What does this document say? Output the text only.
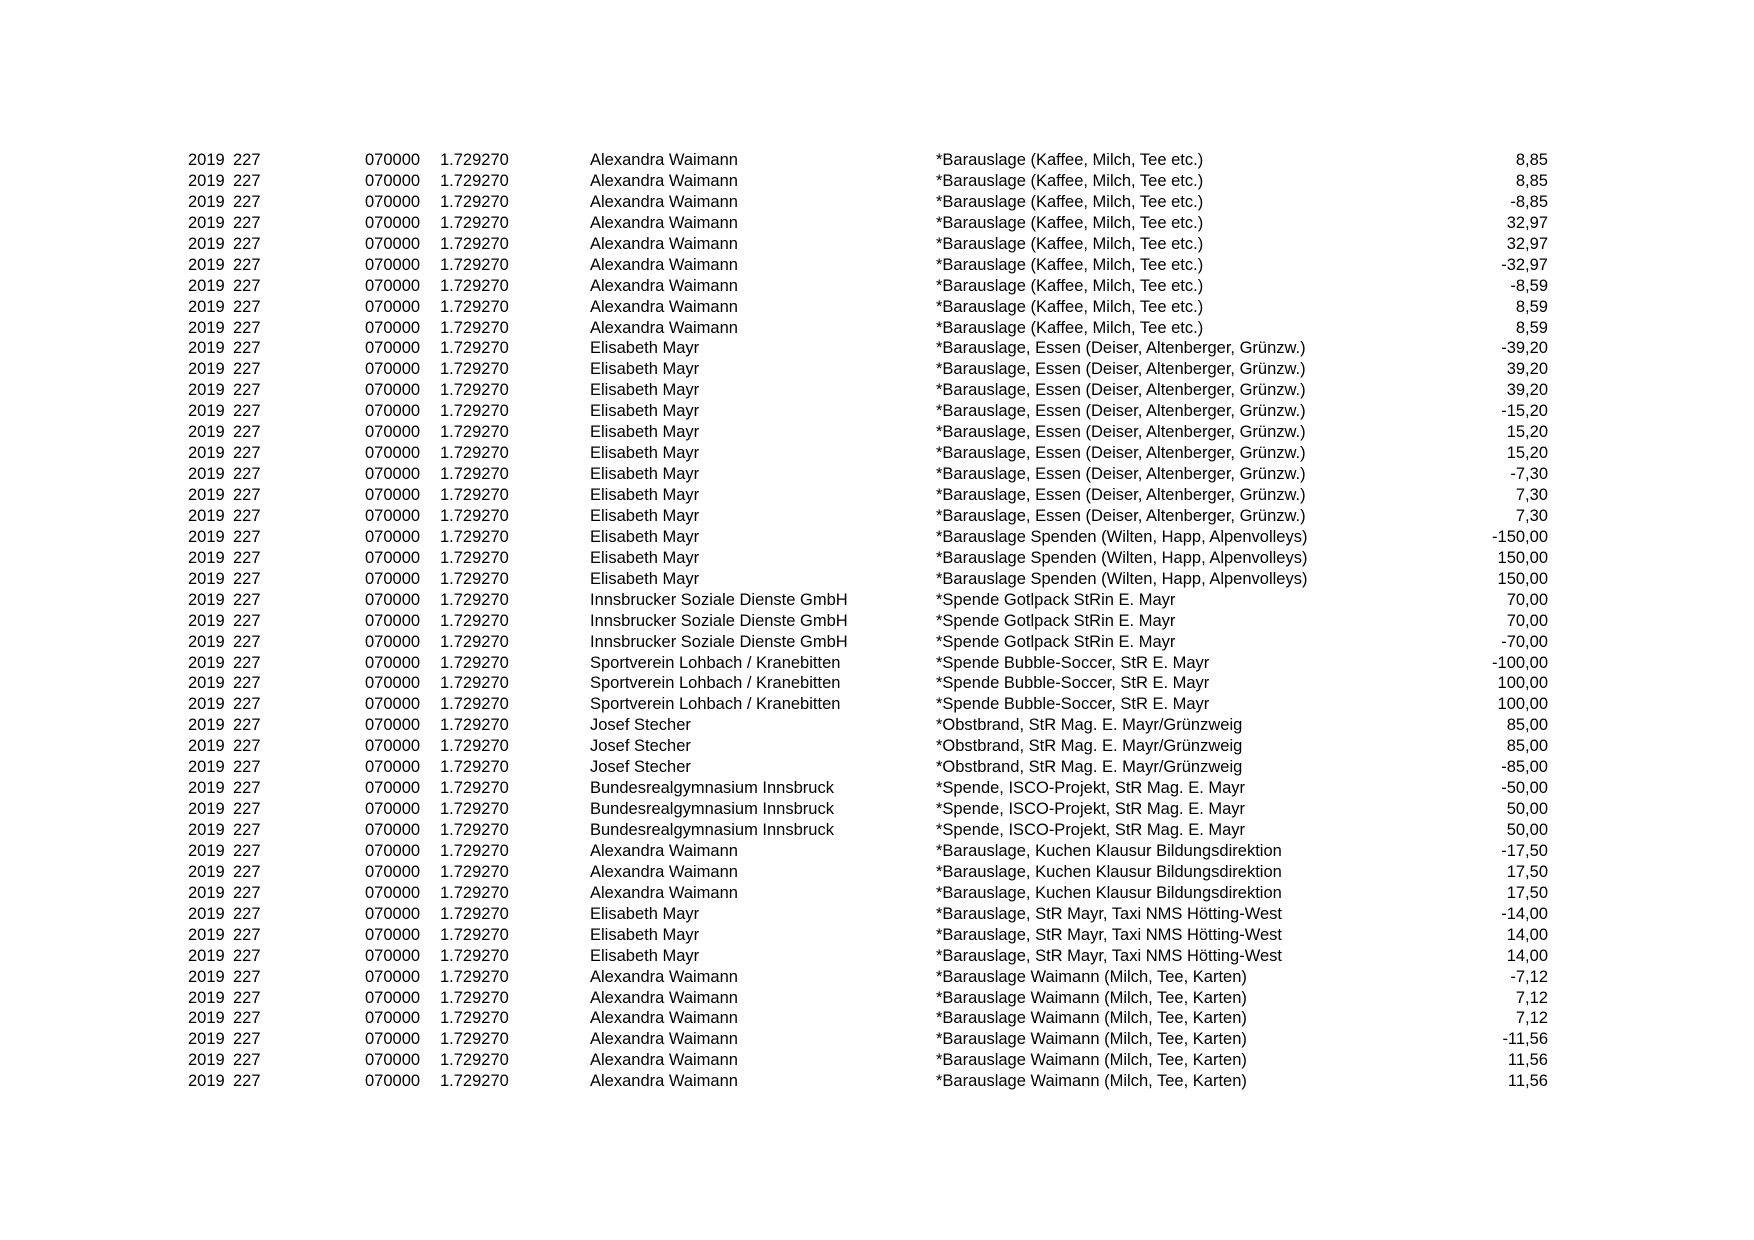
2019 227	070000 1.729270	Alexandra Waimann	*Barauslage (Kaffee, Milch, Tee etc.)	8,85
2019 227	070000 1.729270	Alexandra Waimann	*Barauslage (Kaffee, Milch, Tee etc.)	8,85
2019 227	070000 1.729270	Alexandra Waimann	*Barauslage (Kaffee, Milch, Tee etc.)	-8,85
2019 227	070000 1.729270	Alexandra Waimann	*Barauslage (Kaffee, Milch, Tee etc.)	32,97
2019 227	070000 1.729270	Alexandra Waimann	*Barauslage (Kaffee, Milch, Tee etc.)	32,97
2019 227	070000 1.729270	Alexandra Waimann	*Barauslage (Kaffee, Milch, Tee etc.)	-32,97
2019 227	070000 1.729270	Alexandra Waimann	*Barauslage (Kaffee, Milch, Tee etc.)	-8,59
2019 227	070000 1.729270	Alexandra Waimann	*Barauslage (Kaffee, Milch, Tee etc.)	8,59
2019 227	070000 1.729270	Alexandra Waimann	*Barauslage (Kaffee, Milch, Tee etc.)	8,59
2019 227	070000 1.729270	Elisabeth Mayr	*Barauslage, Essen (Deiser, Altenberger, Grünzw.)	-39,20
2019 227	070000 1.729270	Elisabeth Mayr	*Barauslage, Essen (Deiser, Altenberger, Grünzw.)	39,20
2019 227	070000 1.729270	Elisabeth Mayr	*Barauslage, Essen (Deiser, Altenberger, Grünzw.)	39,20
2019 227	070000 1.729270	Elisabeth Mayr	*Barauslage, Essen (Deiser, Altenberger, Grünzw.)	-15,20
2019 227	070000 1.729270	Elisabeth Mayr	*Barauslage, Essen (Deiser, Altenberger, Grünzw.)	15,20
2019 227	070000 1.729270	Elisabeth Mayr	*Barauslage, Essen (Deiser, Altenberger, Grünzw.)	15,20
2019 227	070000 1.729270	Elisabeth Mayr	*Barauslage, Essen (Deiser, Altenberger, Grünzw.)	-7,30
2019 227	070000 1.729270	Elisabeth Mayr	*Barauslage, Essen (Deiser, Altenberger, Grünzw.)	7,30
2019 227	070000 1.729270	Elisabeth Mayr	*Barauslage, Essen (Deiser, Altenberger, Grünzw.)	7,30
2019 227	070000 1.729270	Elisabeth Mayr	*Barauslage Spenden (Wilten, Happ, Alpenvolleys)	-150,00
2019 227	070000 1.729270	Elisabeth Mayr	*Barauslage Spenden (Wilten, Happ, Alpenvolleys)	150,00
2019 227	070000 1.729270	Elisabeth Mayr	*Barauslage Spenden (Wilten, Happ, Alpenvolleys)	150,00
2019 227	070000 1.729270	Innsbrucker Soziale Dienste GmbH	*Spende Gotlpack StRin E. Mayr	70,00
2019 227	070000 1.729270	Innsbrucker Soziale Dienste GmbH	*Spende Gotlpack StRin E. Mayr	70,00
2019 227	070000 1.729270	Innsbrucker Soziale Dienste GmbH	*Spende Gotlpack StRin E. Mayr	-70,00
2019 227	070000 1.729270	Sportverein Lohbach / Kranebitten	*Spende Bubble-Soccer, StR E. Mayr	-100,00
2019 227	070000 1.729270	Sportverein Lohbach / Kranebitten	*Spende Bubble-Soccer, StR E. Mayr	100,00
2019 227	070000 1.729270	Sportverein Lohbach / Kranebitten	*Spende Bubble-Soccer, StR E. Mayr	100,00
2019 227	070000 1.729270	Josef Stecher	*Obstbrand, StR Mag. E. Mayr/Grünzweig	85,00
2019 227	070000 1.729270	Josef Stecher	*Obstbrand, StR Mag. E. Mayr/Grünzweig	85,00
2019 227	070000 1.729270	Josef Stecher	*Obstbrand, StR Mag. E. Mayr/Grünzweig	-85,00
2019 227	070000 1.729270	Bundesrealgymnasium Innsbruck	*Spende, ISCO-Projekt, StR Mag. E. Mayr	-50,00
2019 227	070000 1.729270	Bundesrealgymnasium Innsbruck	*Spende, ISCO-Projekt, StR Mag. E. Mayr	50,00
2019 227	070000 1.729270	Bundesrealgymnasium Innsbruck	*Spende, ISCO-Projekt, StR Mag. E. Mayr	50,00
2019 227	070000 1.729270	Alexandra Waimann	*Barauslage, Kuchen Klausur Bildungsdirektion	-17,50
2019 227	070000 1.729270	Alexandra Waimann	*Barauslage, Kuchen Klausur Bildungsdirektion	17,50
2019 227	070000 1.729270	Alexandra Waimann	*Barauslage, Kuchen Klausur Bildungsdirektion	17,50
2019 227	070000 1.729270	Elisabeth Mayr	*Barauslage, StR Mayr, Taxi NMS Hötting-West	-14,00
2019 227	070000 1.729270	Elisabeth Mayr	*Barauslage, StR Mayr, Taxi NMS Hötting-West	14,00
2019 227	070000 1.729270	Elisabeth Mayr	*Barauslage, StR Mayr, Taxi NMS Hötting-West	14,00
2019 227	070000 1.729270	Alexandra Waimann	*Barauslage Waimann (Milch, Tee, Karten)	-7,12
2019 227	070000 1.729270	Alexandra Waimann	*Barauslage Waimann (Milch, Tee, Karten)	7,12
2019 227	070000 1.729270	Alexandra Waimann	*Barauslage Waimann (Milch, Tee, Karten)	7,12
2019 227	070000 1.729270	Alexandra Waimann	*Barauslage Waimann (Milch, Tee, Karten)	-11,56
2019 227	070000 1.729270	Alexandra Waimann	*Barauslage Waimann (Milch, Tee, Karten)	11,56
2019 227	070000 1.729270	Alexandra Waimann	*Barauslage Waimann (Milch, Tee, Karten)	11,56
